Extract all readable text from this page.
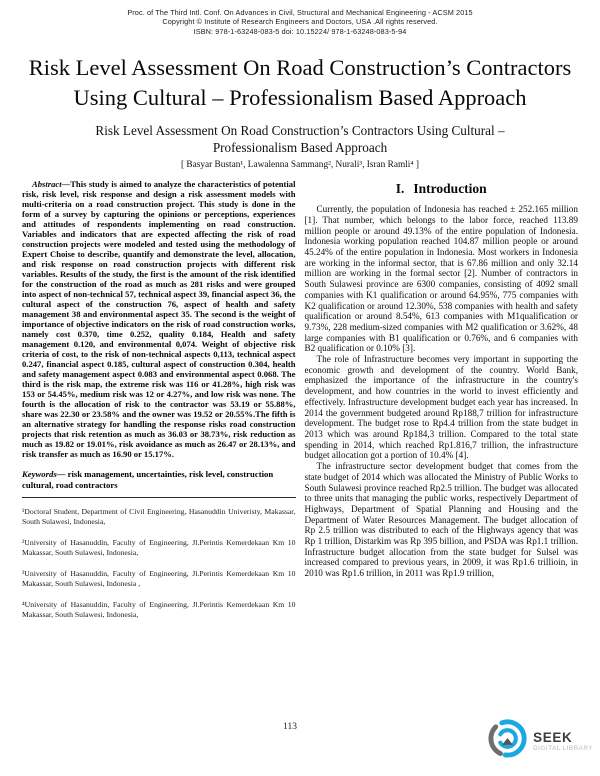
Proc. of The Third Intl. Conf. On Advances in Civil, Structural and Mechanical Engineering - ACSM 2015
Copyright © Institute of Research Engineers and Doctors, USA .All rights reserved.
ISBN: 978-1-63248-083-5 doi: 10.15224/ 978-1-63248-083-5-94
Risk Level Assessment On Road Construction’s Contractors Using Cultural – Professionalism Based Approach
Risk Level Assessment On Road Construction’s Contractors Using Cultural – Professionalism Based Approach
[ Basyar Bustan¹, Lawalenna Sammang², Nurali³, Isran Ramli⁴ ]

Abstract—This study is aimed to analyze the characteristics of potential risk, risk level, risk response and design a risk assessment models with multi-criteria on a road construction project. This study is done in the form of a survey by capturing the opinions or perceptions, experiences and attitudes of respondents implementing on road construction. Variables and indicators that are expected affecting the risk of road construction projects were modeled and tested using the methodology of Expert Choise to describe, quantify and demonstrate the level, allocation, and risk response on road construction projects with different risk variables. Results of the study, the first is the amount of the risk identified for the construction of the road as much as 281 risks and were grouped into aspect of non-technical 57, technical aspect 39, financial aspect 36, the cultural aspect of the construction 76, aspect of health and safety management 38 and environmental aspect 35. The second is the weight of importance of objective indicators on the risk of road construction works, namely cost 0.370, time 0.252, quality 0.184, Health and safety management 0.120, and environmental 0,074. Weight of objective risk criteria of cost, to the risk of non-technical aspects 0,113, technical aspect 0.247, financial aspect 0.185, cultural aspect of construction 0.304, health and safety management aspect 0.083 and environmental aspect 0.068. The third is the risk map, the extreme risk was 116 or 41.28%, high risk was 153 or 54.45%, medium risk was 12 or 4.27%, and low risk was none. The fourth is the allocation of risk to the contractor was 53.19 or 55.88%, share was 22.30 or 23.58% and the owner was 19.52 or 20.55%.The fifth is an alternative strategy for handling the response risks road construction projects that risk retention as much as 36.03 or 38.73%, risk reduction as much as 19.82 or 19.01%, risk avoidance as much as 26.47 or 28.13%, and risk transfer as much as 16.90 or 15.17%.

Keywords— risk management, uncertainties, risk level, construction cultural, road contractors

¹Doctoral Student, Department of Civil Engineering, Hasanuddin Univeristy, Makassar, South Sulawesi, Indonesia,

²University of Hasanuddin, Faculty of Engineering, Jl.Perintis Kemerdekaan Km 10 Makassar, South Sulawesi, Indonesia,

³University of Hasanuddin, Faculty of Engineering, Jl.Perintis Kemerdekaan Km 10 Makassar, South Sulawesi, Indonesia ,

⁴University of Hasanuddin, Faculty of Engineering, Jl.Perintis Kemerdekaan Km 10 Makassar, South Sulawesi, Indonesia,

I. Introduction

Currently, the population of Indonesia has reached ± 252.165 million [1]. That number, which belongs to the labor force, reached 113.89 million people or around 49.13% of the entire population of Indonesia. Indonesia working population reached 104.87 million people or around 45.24% of the entire population in Indonesia. Most workers in Indonesia are working in the informal sector, that is 67.86 million and only 32.14 million are working in the formal sector [2]. Number of contractors in South Sulawesi province are 6300 companies, consisting of 4092 small companies with K1 qualification or around 64.95%, 775 companies with K2 qualification or around 12.30%, 538 companies with health and safety qualification or around 8.54%, 613 companies with M1qualification or 9.73%, 228 medium-sized companies with M2 qualification or 3.62%, 48 large companies with B1 qualification or 0.76%, and 6 companies with B2 qualification or 0.10% [3].

The role of Infrastructure becomes very important in supporting the economic growth and development of the country. World Bank, emphasized the importance of the infrastructure in the country's development, and how countries in the world to invest efficiently and effectively. Infrastructure development budget each year has increased. In 2014 the government budgeted around Rp188,7 trillion for infrastructure development. The budget rose to Rp4.4 trillion from the state budget in 2013 which was around Rp184,3 trillion. Compared to the total state spending in 2014, which reached Rp1.816,7 trillion, the infrastructure budget allocation got a portion of 10.4% [4].

The infrastructure sector development budget that comes from the state budget of 2014 which was allocated the Ministry of Public Works to South Sulawesi province reached Rp2.5 trillion. The budget was allocated to three units that managing the public works, respectively Department of Highways, Department of Spatial Planning and Housing and the Department of Water Resources Management. The budget allocation of Rp 2.5 trillion was distributed to each of the Highways agency that was Rp 1 trillion, Distarkim was Rp 395 billion, and PSDA was Rp1.1 trillion. Infrastructure budget allocation from the state budget for Sulsel was increased compared to previous years, in 2009, it was Rp1.6 trillioin, in 2010 was Rp1.6 trillion, in 2011 was Rp1.9 trillion,

113
SEEK
DIGITAL LIBRARY
